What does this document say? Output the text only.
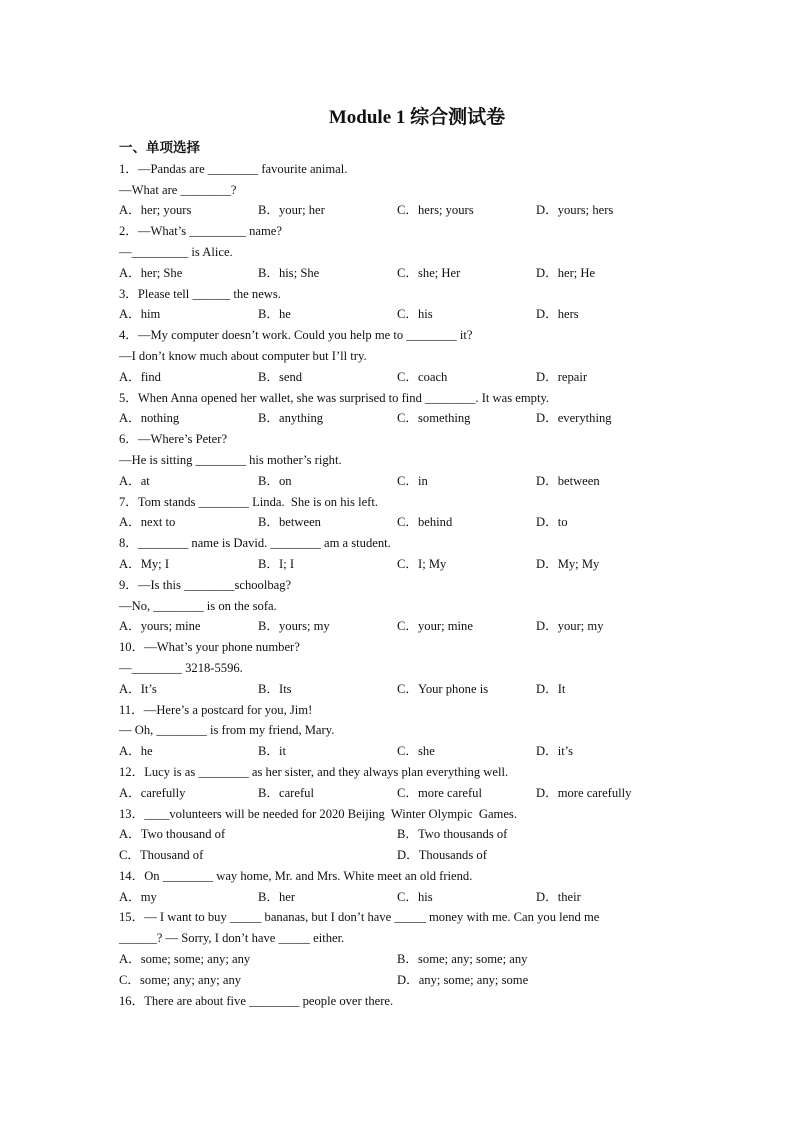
Module 1 综合测试卷
一、单项选择
1．—Pandas are ________ favourite animal.
—What are ________?
A．her; yours	B．your; her	C．hers; yours	D．yours; hers
2．—What’s _________ name?
—_________ is Alice.
A．her; She	B．his; She	C．she; Her	D．her; He
3．Please tell ______ the news.
A．him	B．he	C．his	D．hers
4．—My computer doesn’t work. Could you help me to ________ it?
—I don’t know much about computer but I’ll try.
A．find	B．send	C．coach	D．repair
5．When Anna opened her wallet, she was surprised to find ________. It was empty.
A．nothing	B．anything	C．something	D．everything
6．—Where’s Peter?
—He is sitting ________ his mother’s right.
A．at	B．on	C．in	D．between
7．Tom stands ________ Linda.  She is on his left.
A．next to	B．between	C．behind	D．to
8．________ name is David. ________ am a student.
A．My; I	B．I; I	C．I; My	D．My; My
9．—Is this ________schoolbag?
—No, ________ is on the sofa.
A．yours; mine	B．yours; my	C．your; mine	D．your; my
10．—What’s your phone number?
—________ 3218-5596.
A．It’s	B．Its	C．Your phone is	D．It
11．—Here’s a postcard for you, Jim!
— Oh, ________ is from my friend, Mary.
A．he	B．it	C．she	D．it’s
12．Lucy is as ________ as her sister, and they always plan everything well.
A．carefully	B．careful	C．more careful	D．more carefully
13．____volunteers will be needed for 2020 Beijing  Winter Olympic  Games.
A．Two thousand of	B．Two thousands of
C．Thousand of	D．Thousands of
14．On ________ way home, Mr. and Mrs. White meet an old friend.
A．my	B．her	C．his	D．their
15．— I want to buy _____ bananas, but I don’t have _____ money with me. Can you lend me
______? — Sorry, I don’t have _____ either.
A．some; some; any; any	B．some; any; some; any
C．some; any; any; any	D．any; some; any; some
16．There are about five ________ people over there.
